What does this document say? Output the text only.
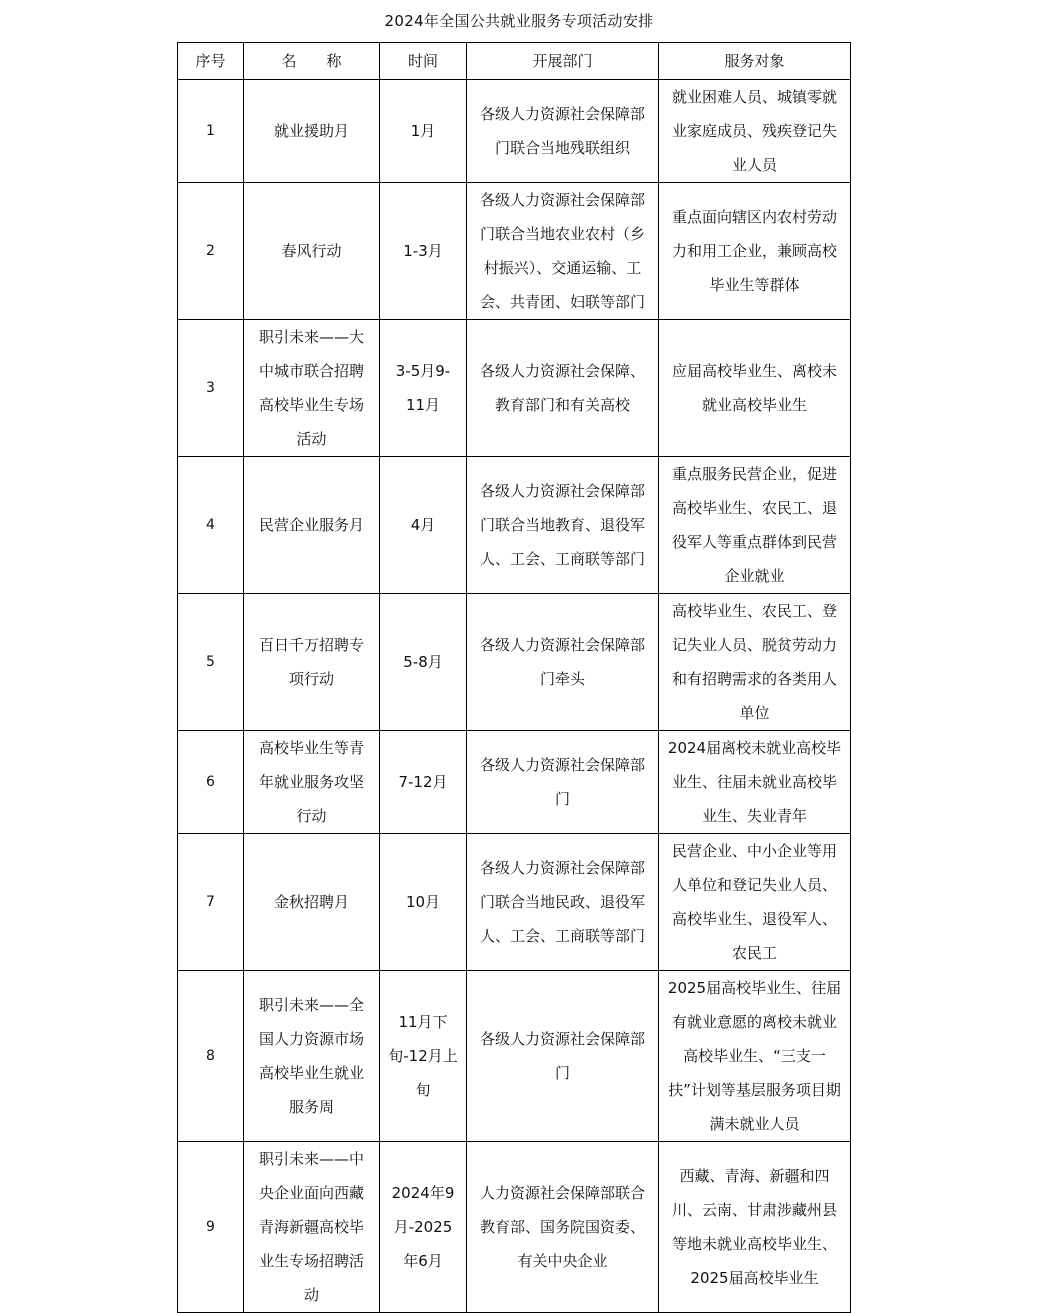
2024年全国公共就业服务专项活动安排
序号	名　　称	时间	开展部门	服务对象
1	就业援助月	1月	各级人力资源社会保障部门联合当地残联组织	就业困难人员、城镇零就业家庭成员、残疾登记失业人员
2	春风行动	1-3月	各级人力资源社会保障部门联合当地农业农村（乡村振兴）、交通运输、工会、共青团、妇联等部门	重点面向辖区内农村劳动力和用工企业，兼顾高校毕业生等群体
3	职引未来——大中城市联合招聘高校毕业生专场活动	3-5月9-11月	各级人力资源社会保障、教育部门和有关高校	应届高校毕业生、离校未就业高校毕业生
4	民营企业服务月	4月	各级人力资源社会保障部门联合当地教育、退役军人、工会、工商联等部门	重点服务民营企业，促进高校毕业生、农民工、退役军人等重点群体到民营企业就业
5	百日千万招聘专项行动	5-8月	各级人力资源社会保障部门牵头	高校毕业生、农民工、登记失业人员、脱贫劳动力和有招聘需求的各类用人单位
6	高校毕业生等青年就业服务攻坚行动	7-12月	各级人力资源社会保障部门	2024届离校未就业高校毕业生、往届未就业高校毕业生、失业青年
7	金秋招聘月	10月	各级人力资源社会保障部门联合当地民政、退役军人、工会、工商联等部门	民营企业、中小企业等用人单位和登记失业人员、高校毕业生、退役军人、农民工
8	职引未来——全国人力资源市场高校毕业生就业服务周	11月下旬-12月上旬	各级人力资源社会保障部门	2025届高校毕业生、往届有就业意愿的离校未就业高校毕业生、“三支一扶”计划等基层服务项目期满未就业人员
9	职引未来——中央企业面向西藏青海新疆高校毕业生专场招聘活动	2024年9月-2025年6月	人力资源社会保障部联合教育部、国务院国资委、有关中央企业	西藏、青海、新疆和四川、云南、甘肃涉藏州县等地未就业高校毕业生、2025届高校毕业生
